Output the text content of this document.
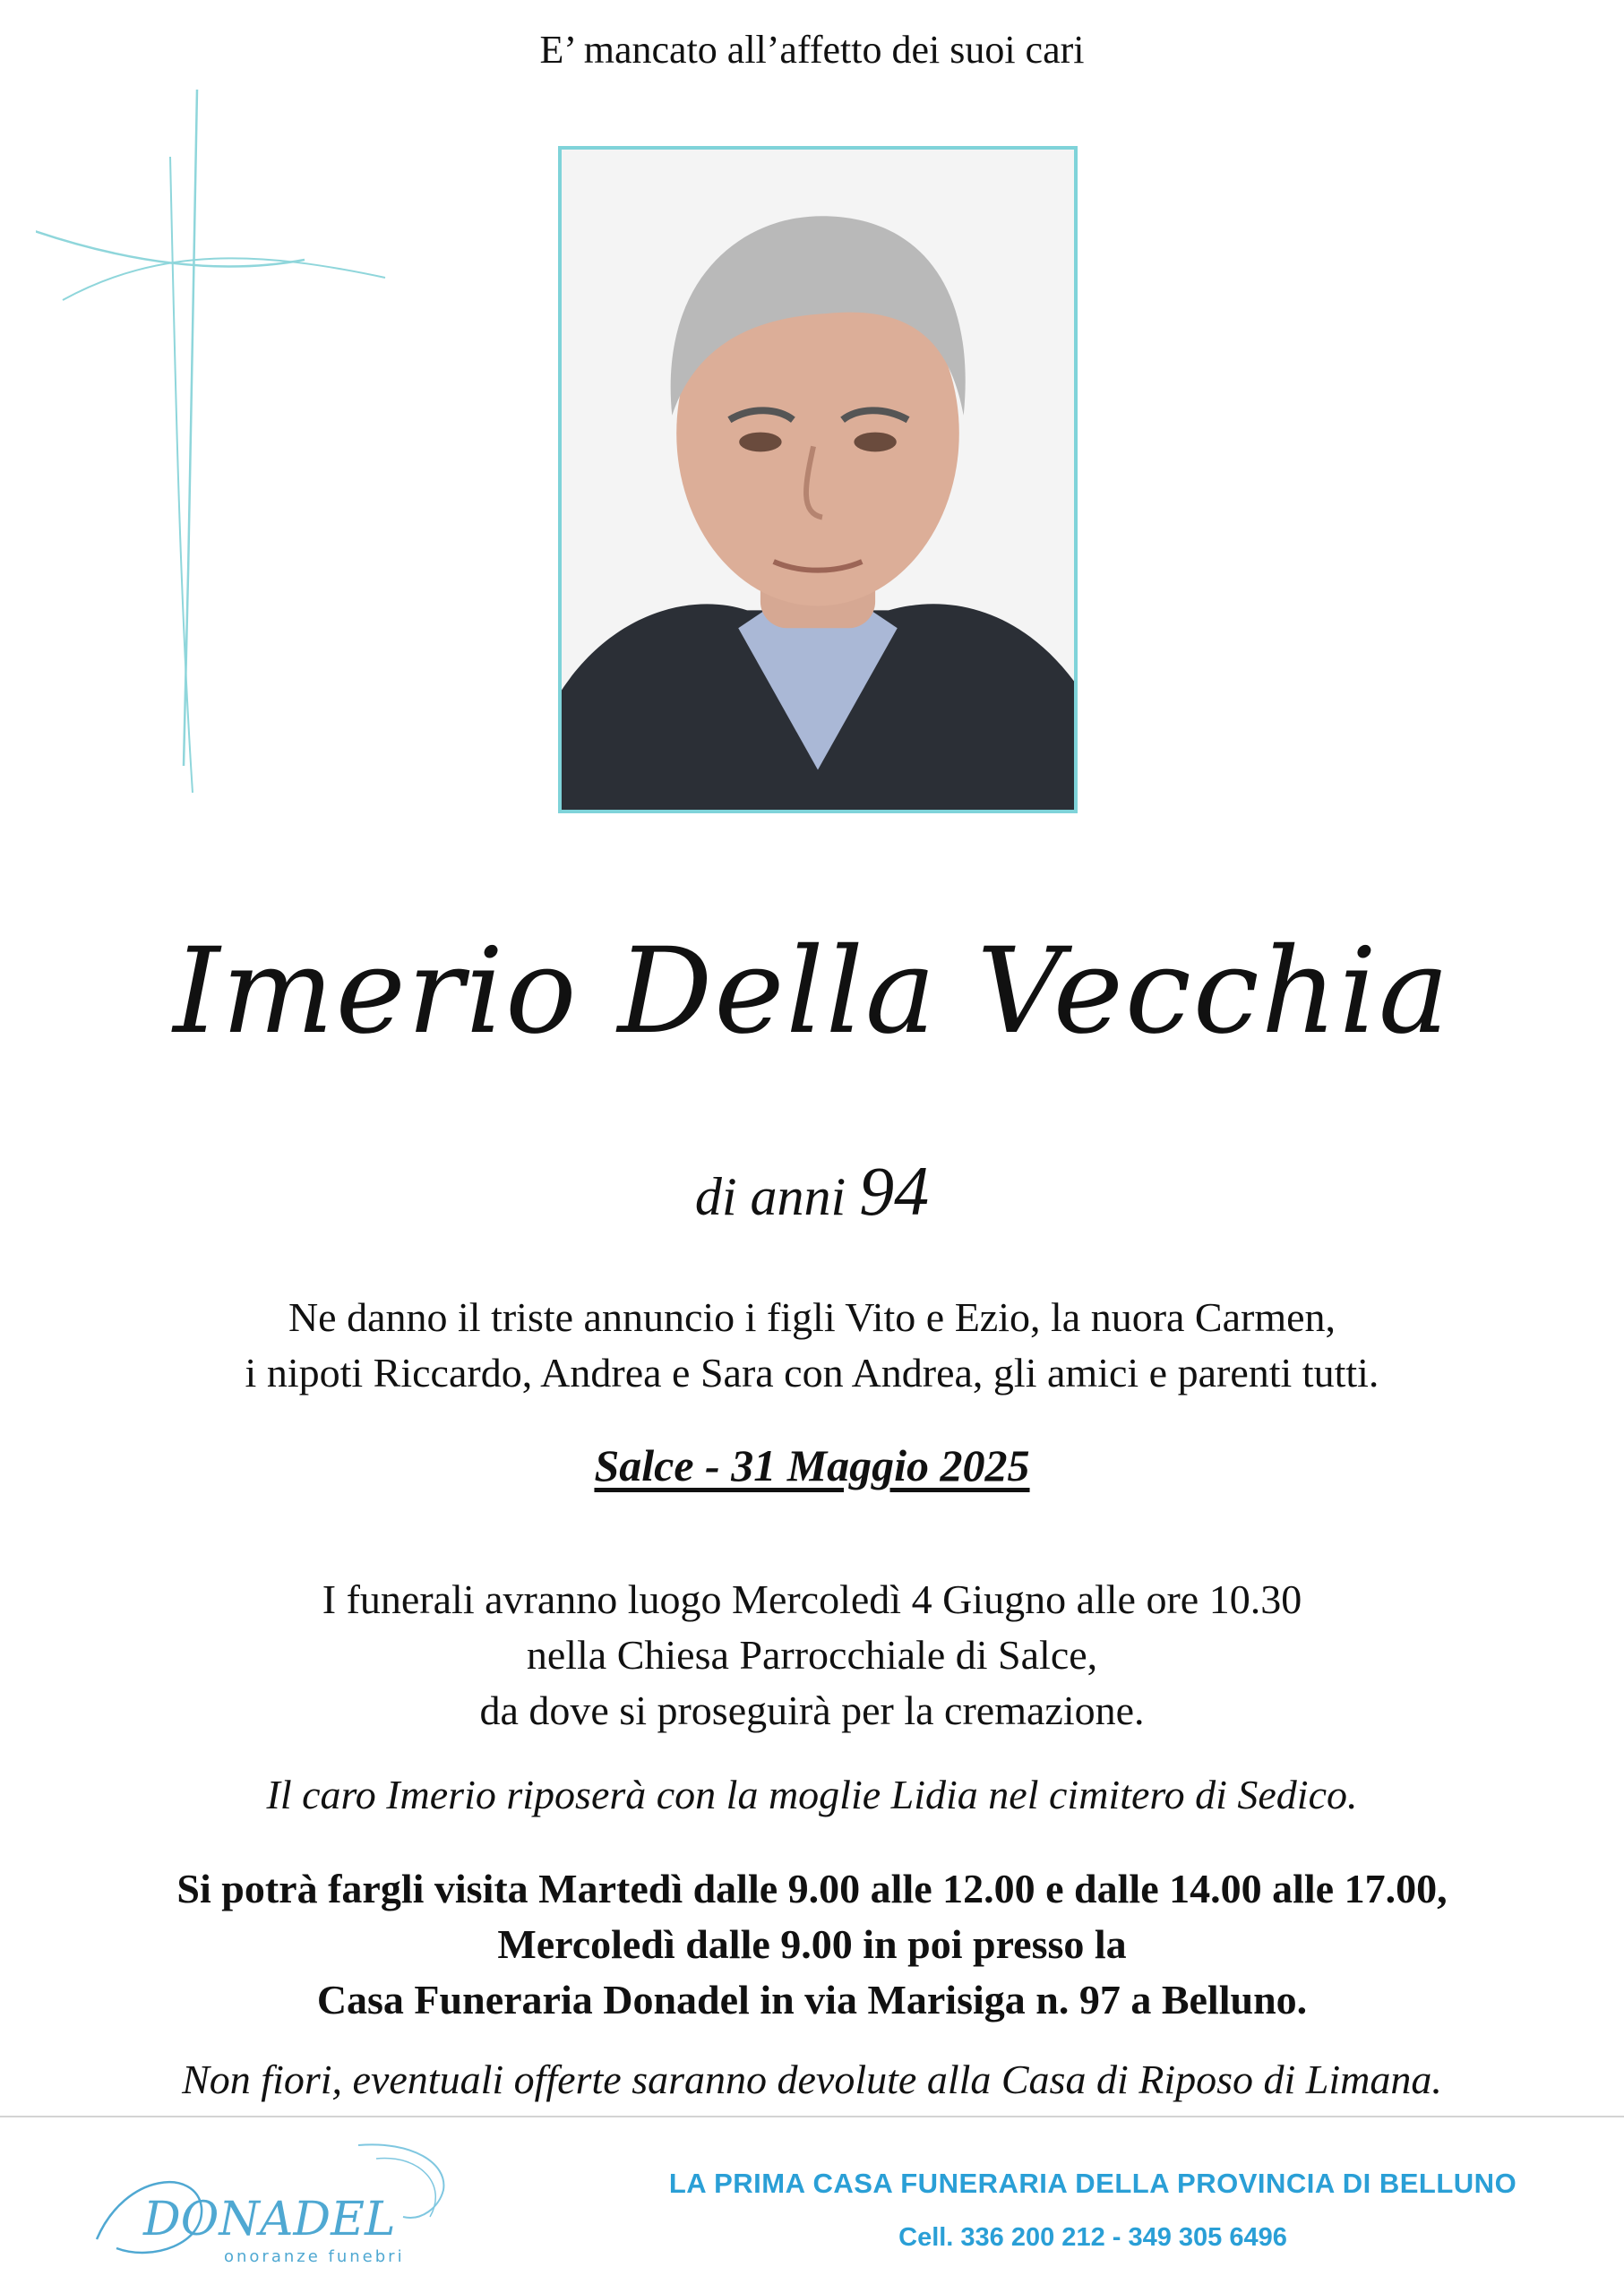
E’ mancato all’affetto dei suoi cari
Imerio Della Vecchia
di anni 94
Ne danno il triste annuncio i figli Vito e Ezio, la nuora Carmen,
i nipoti Riccardo, Andrea e Sara con Andrea, gli amici e parenti tutti.
Salce - 31 Maggio 2025
I funerali avranno luogo Mercoledì 4 Giugno alle ore 10.30
nella Chiesa Parrocchiale di Salce,
da dove si proseguirà per la cremazione.
Il caro Imerio riposerà con la moglie Lidia nel cimitero di Sedico.
Si potrà fargli visita Martedì dalle 9.00 alle 12.00 e dalle 14.00 alle 17.00,
Mercoledì dalle 9.00 in poi presso la
Casa Funeraria Donadel in via Marisiga n. 97 a Belluno.
Non fiori, eventuali offerte saranno devolute alla Casa di Riposo di Limana.
DONADEL
onoranze funebri
LA PRIMA CASA FUNERARIA DELLA PROVINCIA DI BELLUNO
Cell. 336 200 212 - 349 305 6496
